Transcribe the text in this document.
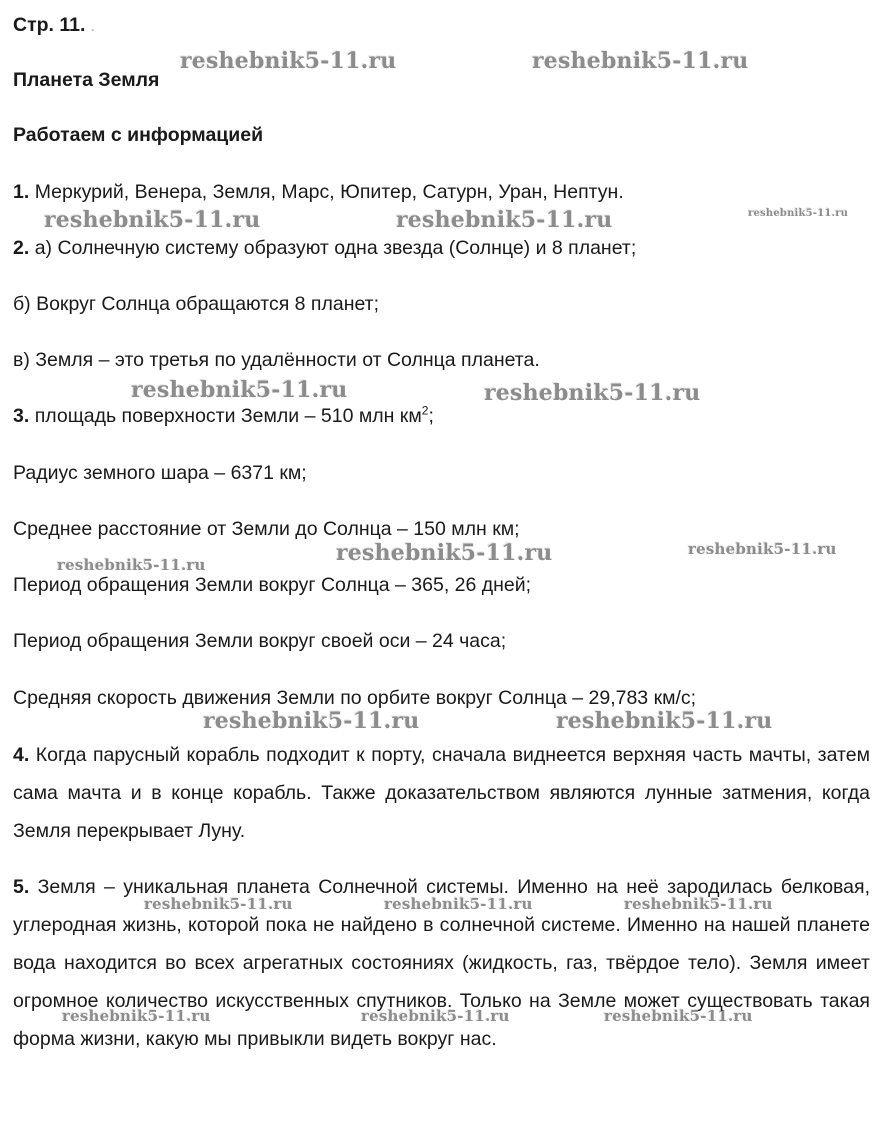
reshebnik5-11.ru	reshebnik5-11.ru
reshebnik5-11.ru	reshebnik5-11.ru	reshebnik5-11.ru
reshebnik5-11.ru	reshebnik5-11.ru
reshebnik5-11.ru	reshebnik5-11.ru	reshebnik5-11.ru
reshebnik5-11.ru	reshebnik5-11.ru
reshebnik5-11.ru	reshebnik5-11.ru	reshebnik5-11.ru
reshebnik5-11.ru	reshebnik5-11.ru	reshebnik5-11.ru
Стр. 11. .
Планета Земля
Работаем с информацией
1. Меркурий, Венера, Земля, Марс, Юпитер, Сатурн, Уран, Нептун.
2. а) Солнечную систему образуют одна звезда (Солнце) и 8 планет;
б) Вокруг Солнца обращаются 8 планет;
в) Земля – это третья по удалённости от Солнца планета.
3. площадь поверхности Земли – 510 млн $км^2$;
Радиус земного шара – 6371 км;
Среднее расстояние от Земли до Солнца – 150 млн км;
Период обращения Земли вокруг Солнца – 365, 26 дней;
Период обращения Земли вокруг своей оси – 24 часа;
Средняя скорость движения Земли по орбите вокруг Солнца – 29,783 км/с;
4. Когда парусный корабль подходит к порту, сначала виднеется верхняя часть мачты, затем сама мачта и в конце корабль. Также доказательством являются лунные затмения, когда Земля перекрывает Луну.
5. Земля – уникальная планета Солнечной системы. Именно на неё зародилась белковая, углеродная жизнь, которой пока не найдено в солнечной системе. Именно на нашей планете вода находится во всех агрегатных состояниях (жидкость, газ, твёрдое тело). Земля имеет огромное количество искусственных спутников. Только на Земле может существовать такая форма жизни, какую мы привыкли видеть вокруг нас.
